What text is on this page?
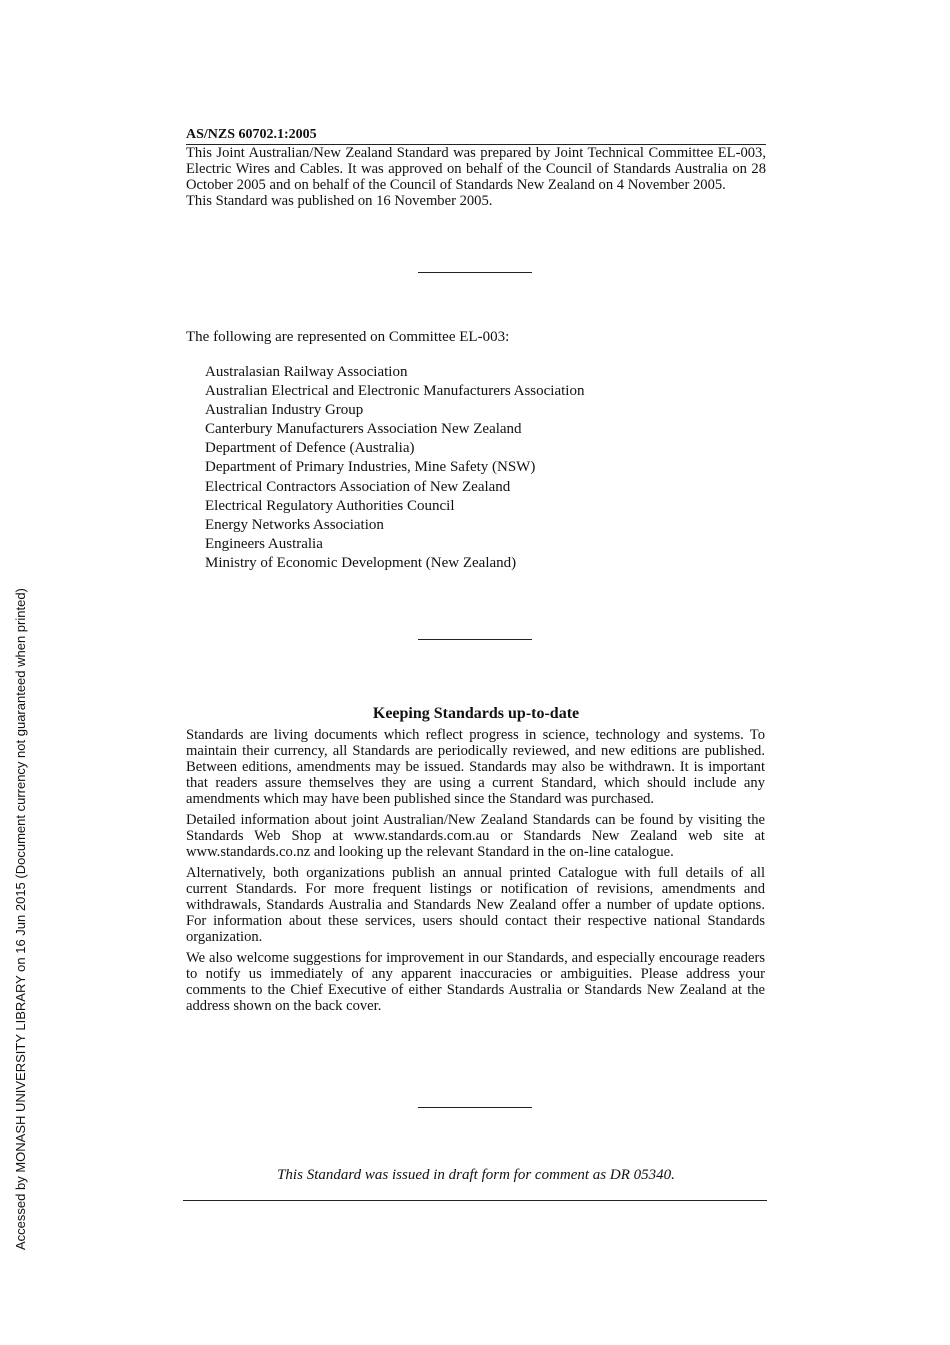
Accessed by MONASH UNIVERSITY LIBRARY on 16 Jun 2015 (Document currency not guaranteed when printed)
AS/NZS 60702.1:2005

This Joint Australian/New Zealand Standard was prepared by Joint Technical Committee EL-003, Electric Wires and Cables. It was approved on behalf of the Council of Standards Australia on 28 October 2005 and on behalf of the Council of Standards New Zealand on 4 November 2005.

This Standard was published on 16 November 2005.

The following are represented on Committee EL-003:
Australasian Railway Association
Australian Electrical and Electronic Manufacturers Association
Australian Industry Group
Canterbury Manufacturers Association New Zealand
Department of Defence (Australia)
Department of Primary Industries, Mine Safety (NSW)
Electrical Contractors Association of New Zealand
Electrical Regulatory Authorities Council
Energy Networks Association
Engineers Australia
Ministry of Economic Development (New Zealand)
Keeping Standards up-to-date

Standards are living documents which reflect progress in science, technology and systems. To maintain their currency, all Standards are periodically reviewed, and new editions are published. Between editions, amendments may be issued. Standards may also be withdrawn. It is important that readers assure themselves they are using a current Standard, which should include any amendments which may have been published since the Standard was purchased.

Detailed information about joint Australian/New Zealand Standards can be found by visiting the Standards Web Shop at www.standards.com.au or Standards New Zealand web site at www.standards.co.nz and looking up the relevant Standard in the on-line catalogue.

Alternatively, both organizations publish an annual printed Catalogue with full details of all current Standards. For more frequent listings or notification of revisions, amendments and withdrawals, Standards Australia and Standards New Zealand offer a number of update options. For information about these services, users should contact their respective national Standards organization.

We also welcome suggestions for improvement in our Standards, and especially encourage readers to notify us immediately of any apparent inaccuracies or ambiguities. Please address your comments to the Chief Executive of either Standards Australia or Standards New Zealand at the address shown on the back cover.

This Standard was issued in draft form for comment as DR 05340.
